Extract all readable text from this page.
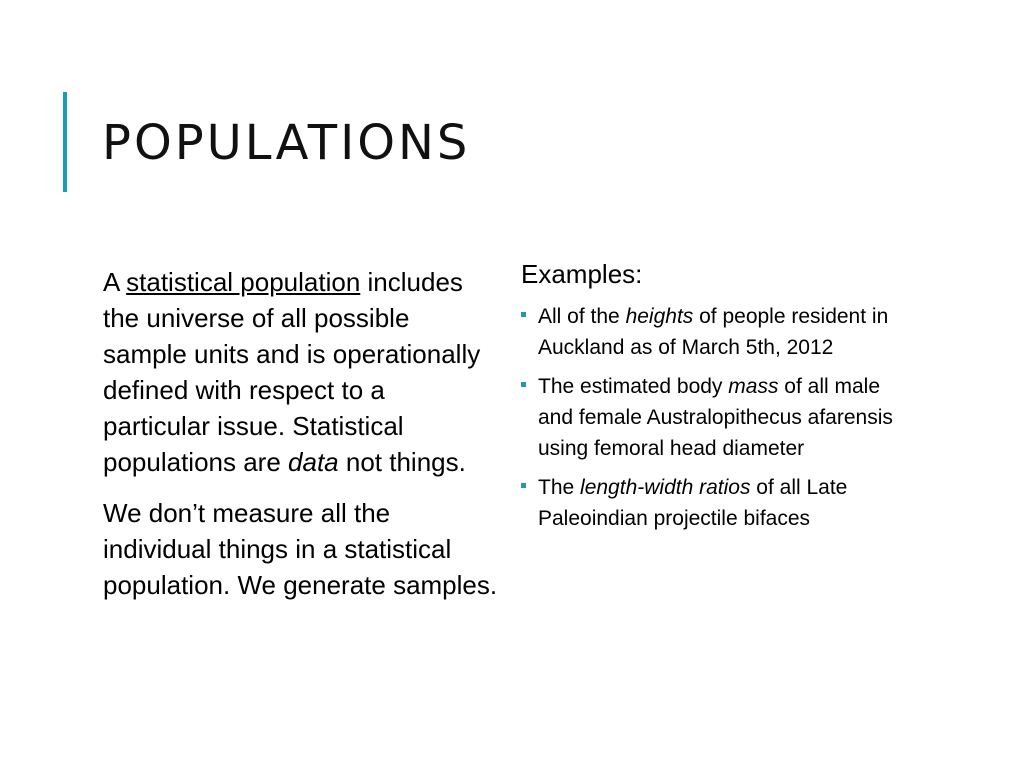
POPULATIONS

A statistical population includes the universe of all possible sample units and is operationally defined with respect to a particular issue. Statistical populations are data not things.

We don’t measure all the individual things in a statistical population. We generate samples.

Examples:
All of the heights of people resident in Auckland as of March 5th, 2012
The estimated body mass of all male and female Australopithecus afarensis using femoral head diameter
The length-width ratios of all Late Paleoindian projectile bifaces
